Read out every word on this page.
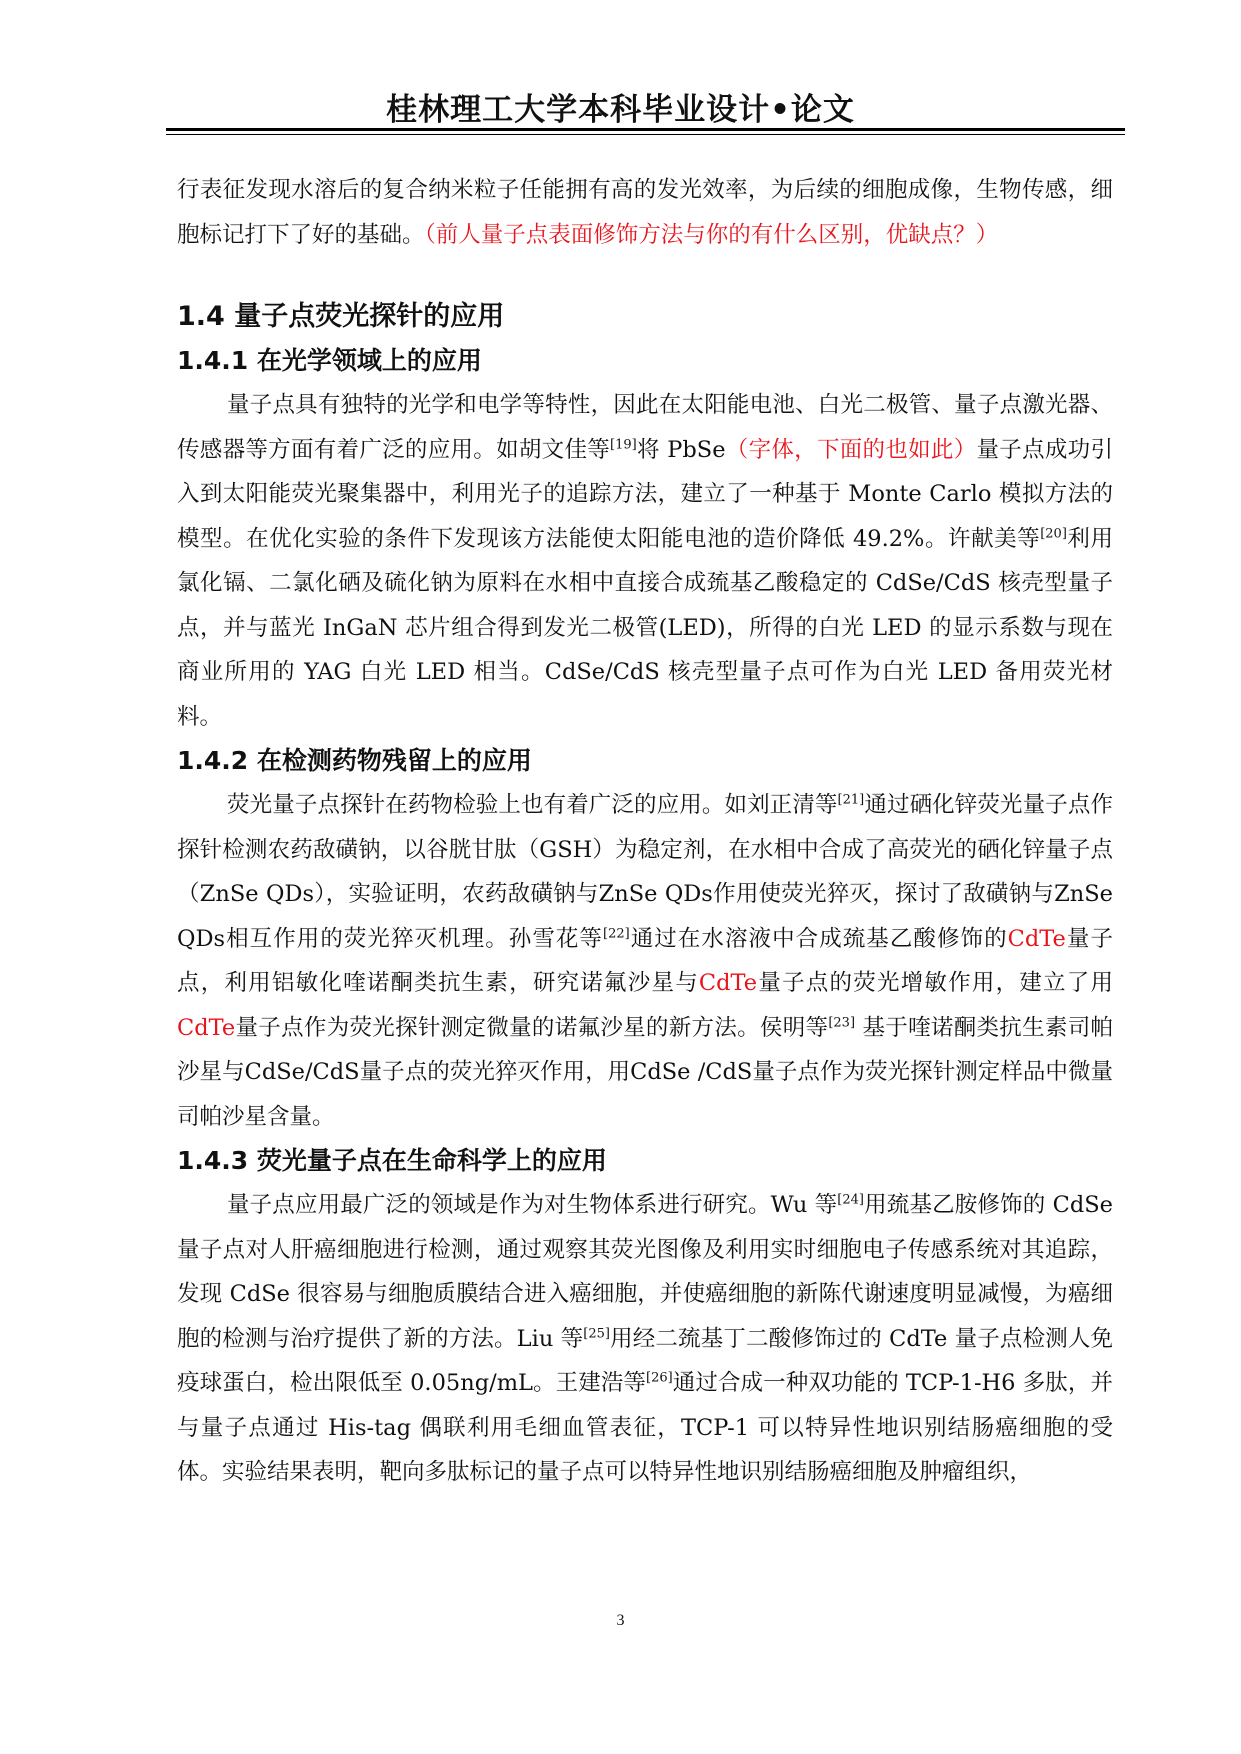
桂林理工大学本科毕业设计•论文

行表征发现水溶后的复合纳米粒子任能拥有高的发光效率，为后续的细胞成像，生物传感，细胞标记打下了好的基础。（前人量子点表面修饰方法与你的有什么区别，优缺点？）

1.4 量子点荧光探针的应用
1.4.1 在光学领域上的应用

量子点具有独特的光学和电学等特性，因此在太阳能电池、白光二极管、量子点激光器、传感器等方面有着广泛的应用。如胡文佳等[19]将 PbSe（字体，下面的也如此）量子点成功引入到太阳能荧光聚集器中，利用光子的追踪方法，建立了一种基于 Monte Carlo 模拟方法的模型。在优化实验的条件下发现该方法能使太阳能电池的造价降低 49.2%。许献美等[20]利用氯化镉、二氯化硒及硫化钠为原料在水相中直接合成巯基乙酸稳定的 CdSe/CdS 核壳型量子点，并与蓝光 InGaN 芯片组合得到发光二极管(LED)，所得的白光 LED 的显示系数与现在商业所用的 YAG 白光 LED 相当。CdSe/CdS 核壳型量子点可作为白光 LED 备用荧光材料。

1.4.2 在检测药物残留上的应用

荧光量子点探针在药物检验上也有着广泛的应用。如刘正清等[21]通过硒化锌荧光量子点作探针检测农药敌磺钠，以谷胱甘肽（GSH）为稳定剂，在水相中合成了高荧光的硒化锌量子点（ZnSe QDs），实验证明，农药敌磺钠与ZnSe QDs作用使荧光猝灭，探讨了敌磺钠与ZnSe QDs相互作用的荧光猝灭机理。孙雪花等[22]通过在水溶液中合成巯基乙酸修饰的CdTe量子点，利用铝敏化喹诺酮类抗生素，研究诺氟沙星与CdTe量子点的荧光增敏作用，建立了用CdTe量子点作为荧光探针测定微量的诺氟沙星的新方法。侯明等[23] 基于喹诺酮类抗生素司帕沙星与CdSe/CdS量子点的荧光猝灭作用，用CdSe /CdS量子点作为荧光探针测定样品中微量司帕沙星含量。

1.4.3 荧光量子点在生命科学上的应用

量子点应用最广泛的领域是作为对生物体系进行研究。Wu 等[24]用巯基乙胺修饰的 CdSe 量子点对人肝癌细胞进行检测，通过观察其荧光图像及利用实时细胞电子传感系统对其追踪，发现 CdSe 很容易与细胞质膜结合进入癌细胞，并使癌细胞的新陈代谢速度明显减慢，为癌细胞的检测与治疗提供了新的方法。Liu 等[25]用经二巯基丁二酸修饰过的 CdTe 量子点检测人免疫球蛋白，检出限低至 0.05ng/mL。王建浩等[26]通过合成一种双功能的 TCP-1-H6 多肽，并与量子点通过 His-tag 偶联利用毛细血管表征，TCP-1 可以特异性地识别结肠癌细胞的受体。实验结果表明，靶向多肽标记的量子点可以特异性地识别结肠癌细胞及肿瘤组织，

3
